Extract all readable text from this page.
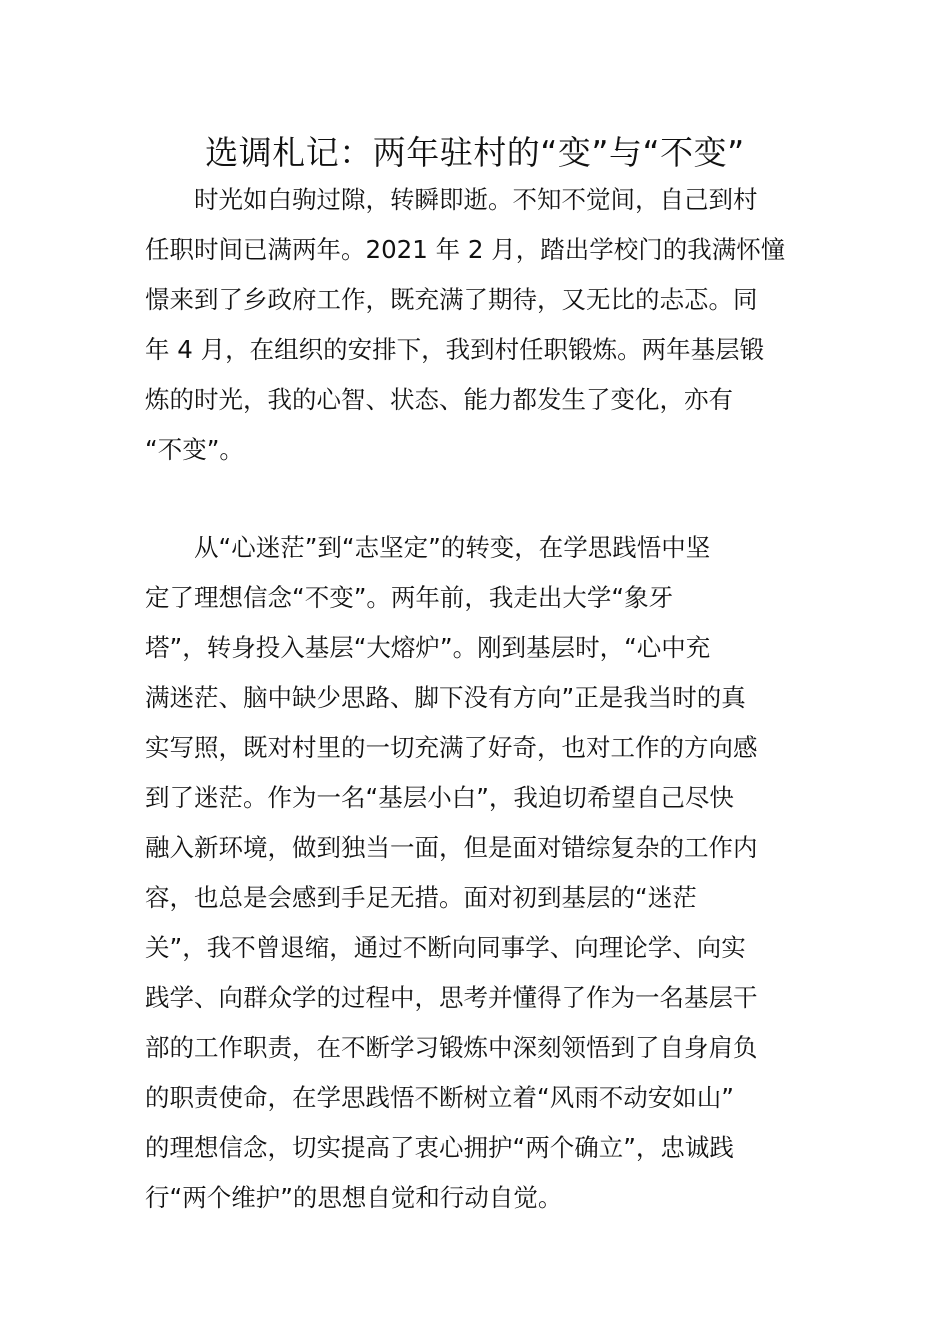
选调札记：两年驻村的“变”与“不变”
　　时光如白驹过隙，转瞬即逝。不知不觉间，自己到村
任职时间已满两年。2021 年 2 月，踏出学校门的我满怀憧
憬来到了乡政府工作，既充满了期待，又无比的忐忑。同
年 4 月，在组织的安排下，我到村任职锻炼。两年基层锻
炼的时光，我的心智、状态、能力都发生了变化，亦有
“不变”。
　　从“心迷茫”到“志坚定”的转变，在学思践悟中坚
定了理想信念“不变”。两年前，我走出大学“象牙
塔”，转身投入基层“大熔炉”。刚到基层时，“心中充
满迷茫、脑中缺少思路、脚下没有方向”正是我当时的真
实写照，既对村里的一切充满了好奇，也对工作的方向感
到了迷茫。作为一名“基层小白”，我迫切希望自己尽快
融入新环境，做到独当一面，但是面对错综复杂的工作内
容，也总是会感到手足无措。面对初到基层的“迷茫
关”，我不曾退缩，通过不断向同事学、向理论学、向实
践学、向群众学的过程中，思考并懂得了作为一名基层干
部的工作职责，在不断学习锻炼中深刻领悟到了自身肩负
的职责使命，在学思践悟不断树立着“风雨不动安如山”
的理想信念，切实提高了衷心拥护“两个确立”，忠诚践
行“两个维护”的思想自觉和行动自觉。
